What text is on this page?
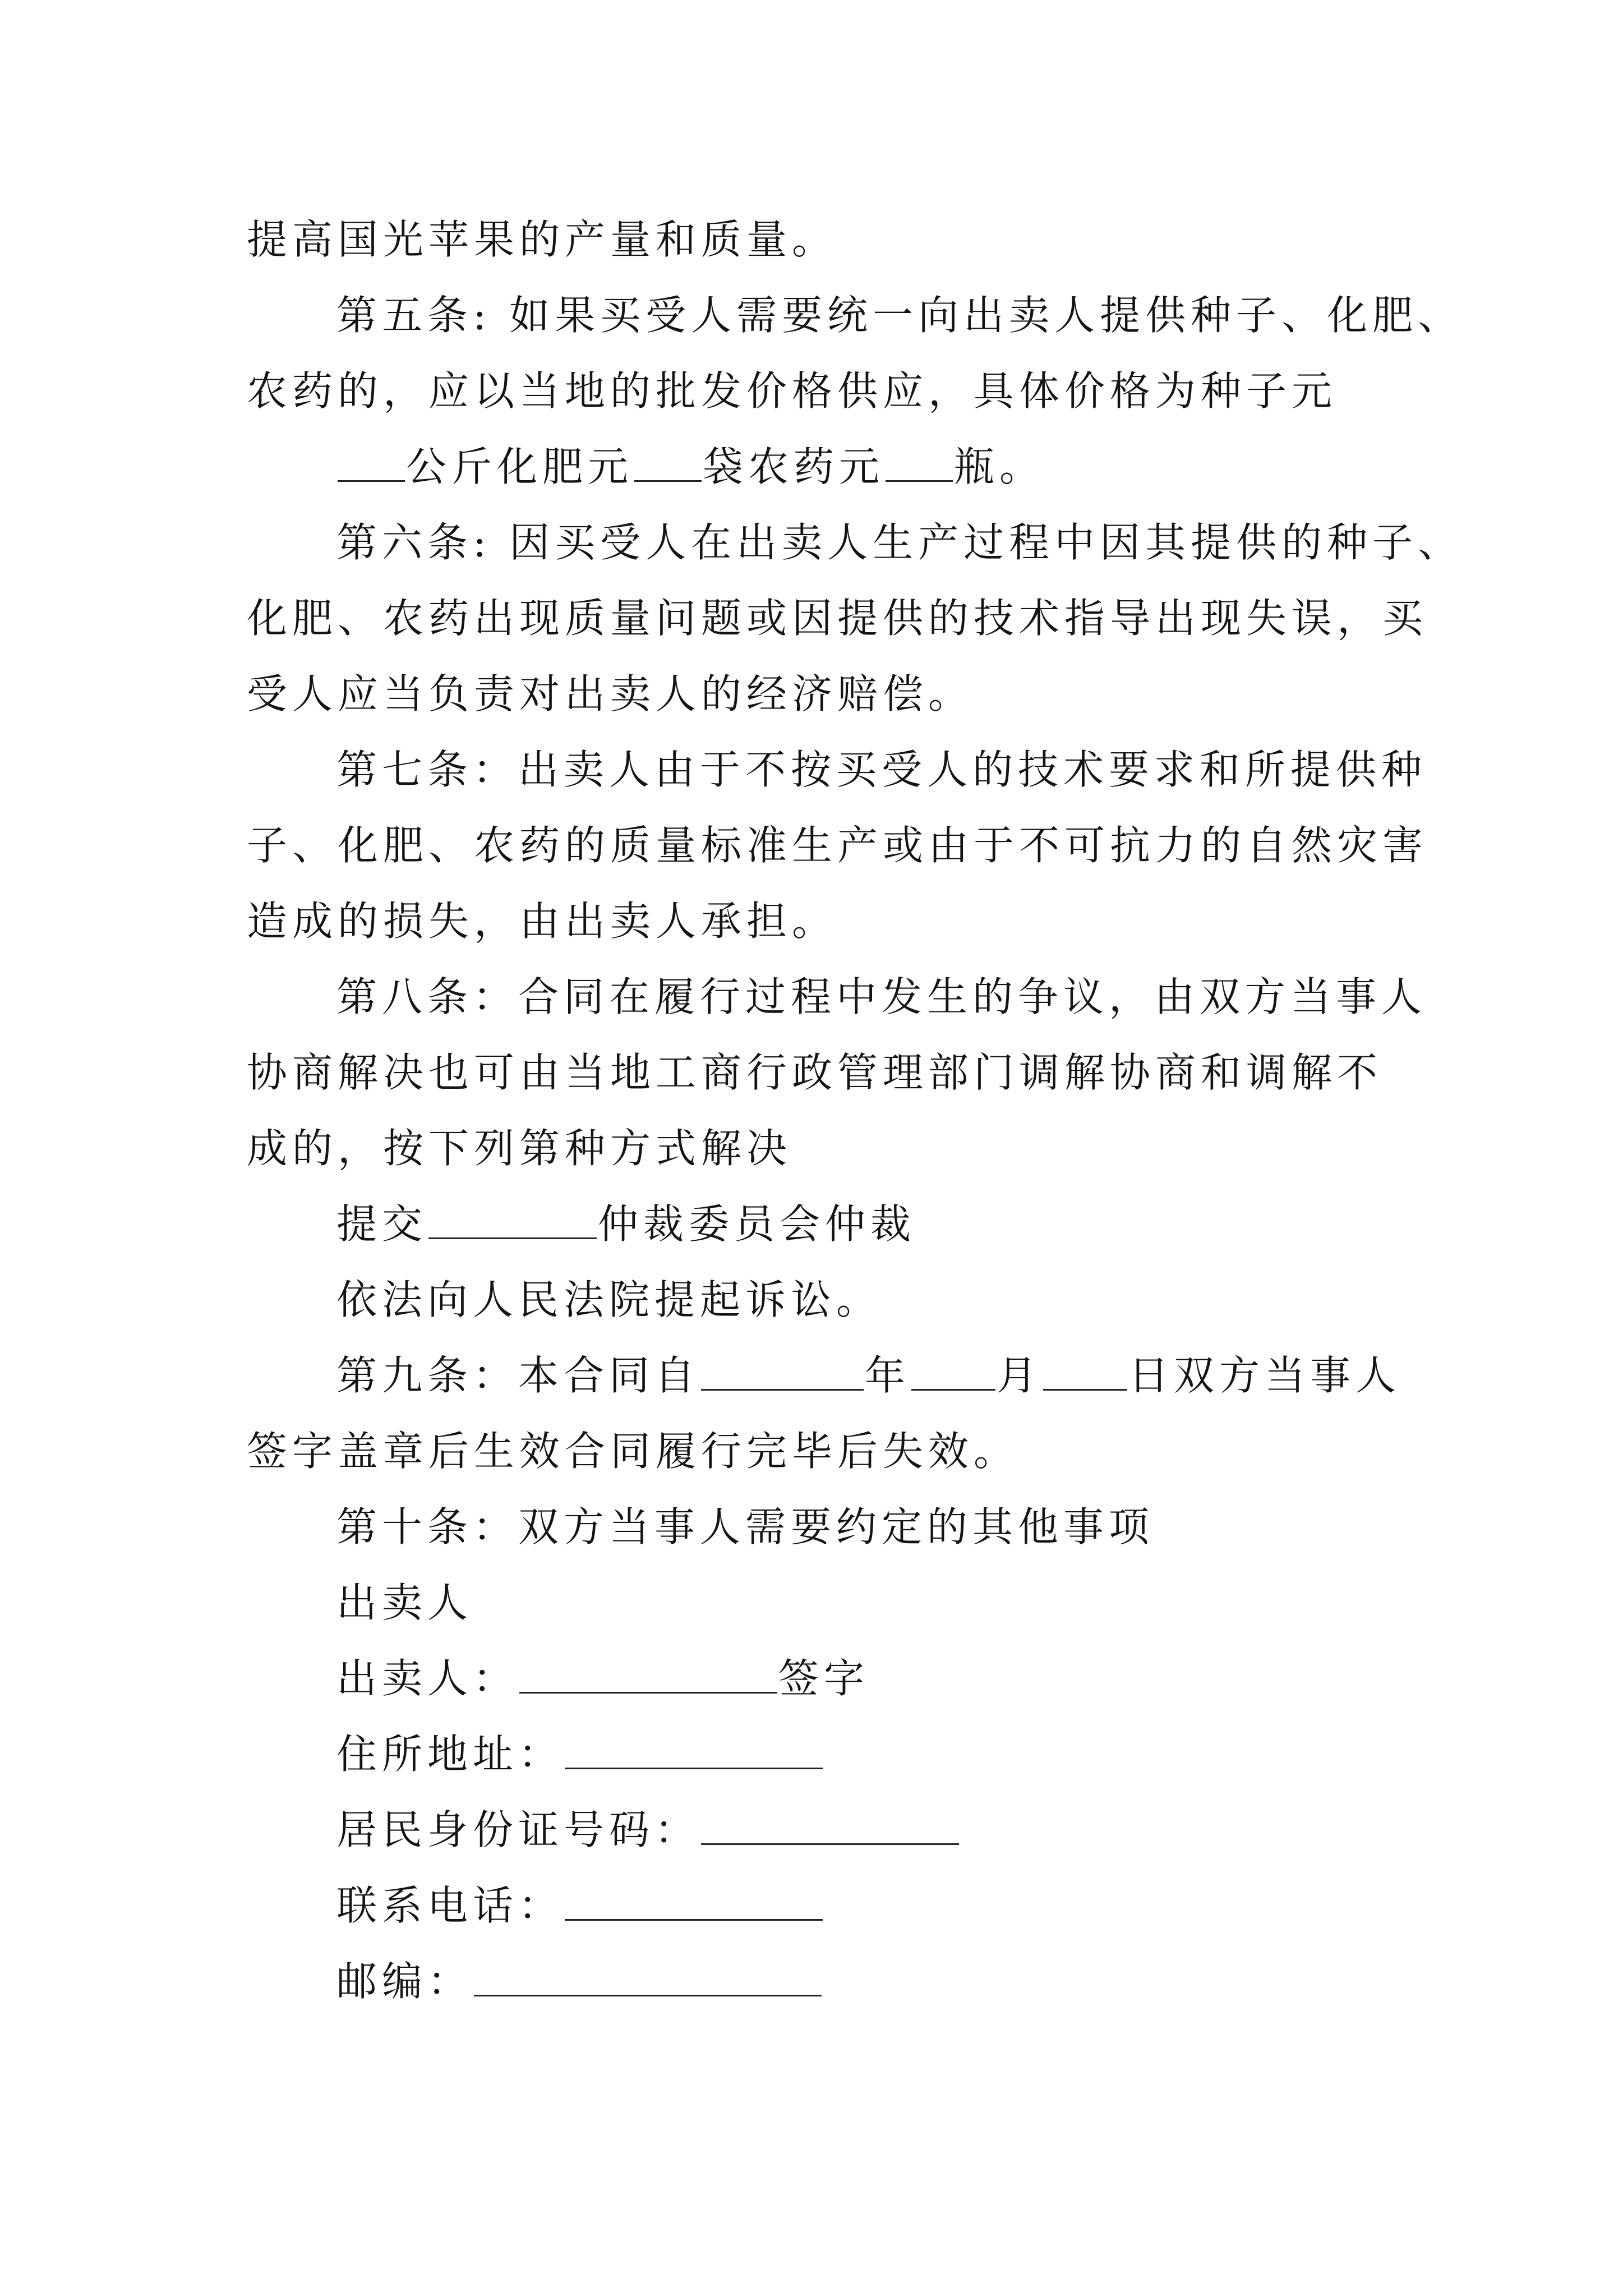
提高国光苹果的产量和质量。
第五条: 如果买受人需要统一向出卖人提供种子、化肥、
农药的，应以当地的批发价格供应，具体价格为种子元
公斤化肥元 袋农药元 瓶。
第六条: 因买受人在出卖人生产过程中因其提供的种子、
化肥、农药出现质量问题或因提供的技术指导出现失误，买
受人应当负责对出卖人的经济赔偿。
第七条：出卖人由于不按买受人的技术要求和所提供种
子、化肥、农药的质量标准生产或由于不可抗力的自然灾害
造成的损失，由出卖人承担。
第八条：合同在履行过程中发生的争议，由双方当事人
协商解决也可由当地工商行政管理部门调解协商和调解不
成的，按下列第种方式解决
提交	仲裁委员会仲裁
依法向人民法院提起诉讼。
第九条：本合同自	年 月 日双方当事人
签字盖章后生效合同履行完毕后失效。
第十条：双方当事人需要约定的其他事项
出卖人
出卖人：	签字
住所地址：
居民身份证号码：
联系电话：
邮编：
